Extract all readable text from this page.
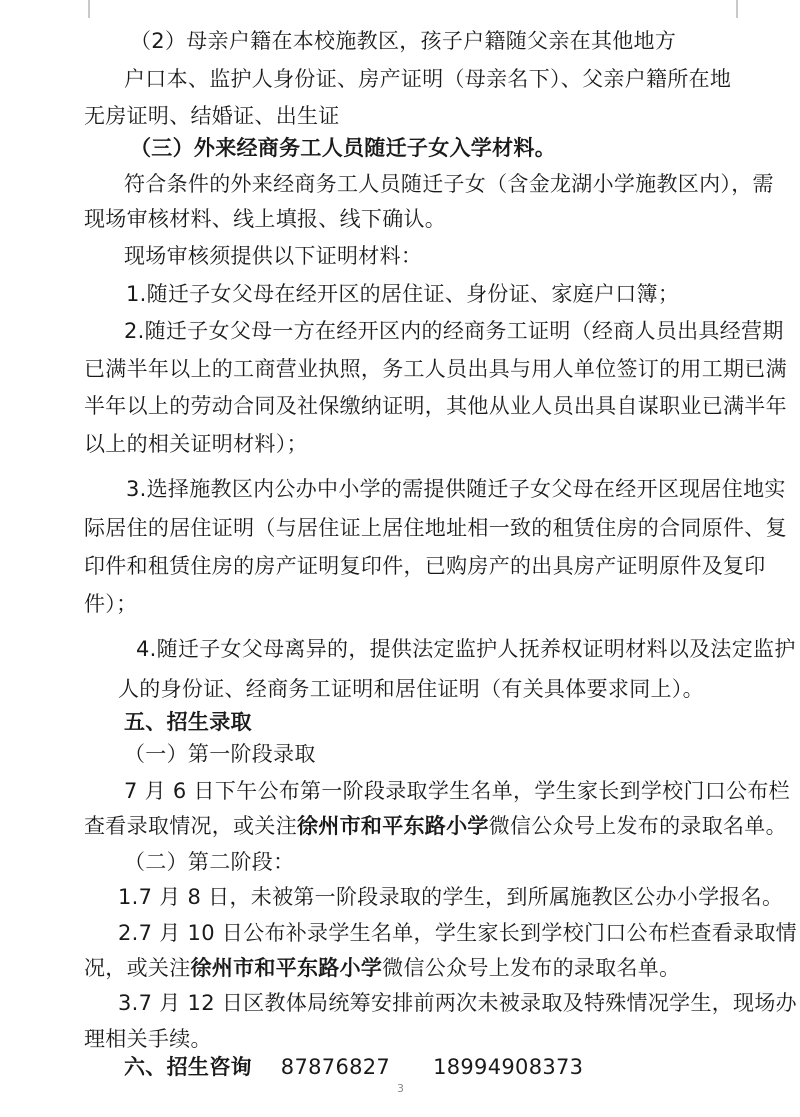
（2）母亲户籍在本校施教区，孩子户籍随父亲在其他地方
户口本、监护人身份证、房产证明（母亲名下）、父亲户籍所在地
无房证明、结婚证、出生证
（三）外来经商务工人员随迁子女入学材料。
符合条件的外来经商务工人员随迁子女（含金龙湖小学施教区内），需
现场审核材料、线上填报、线下确认。
现场审核须提供以下证明材料：
1.随迁子女父母在经开区的居住证、身份证、家庭户口簿；
2.随迁子女父母一方在经开区内的经商务工证明（经商人员出具经营期
已满半年以上的工商营业执照，务工人员出具与用人单位签订的用工期已满
半年以上的劳动合同及社保缴纳证明，其他从业人员出具自谋职业已满半年
以上的相关证明材料）；
3.选择施教区内公办中小学的需提供随迁子女父母在经开区现居住地实
际居住的居住证明（与居住证上居住地址相一致的租赁住房的合同原件、复
印件和租赁住房的房产证明复印件，已购房产的出具房产证明原件及复印
件）；
4.随迁子女父母离异的，提供法定监护人抚养权证明材料以及法定监护
人的身份证、经商务工证明和居住证明（有关具体要求同上）。
五、招生录取
（一）第一阶段录取
7 月 6 日下午公布第一阶段录取学生名单，学生家长到学校门口公布栏
查看录取情况，或关注徐州市和平东路小学微信公众号上发布的录取名单。
（二）第二阶段：
1.7 月 8 日，未被第一阶段录取的学生，到所属施教区公办小学报名。
2.7 月 10 日公布补录学生名单，学生家长到学校门口公布栏查看录取情
况，或关注徐州市和平东路小学微信公众号上发布的录取名单。
3.7 月 12 日区教体局统筹安排前两次未被录取及特殊情况学生，现场办
理相关手续。
六、招生咨询 87876827 18994908373
3
